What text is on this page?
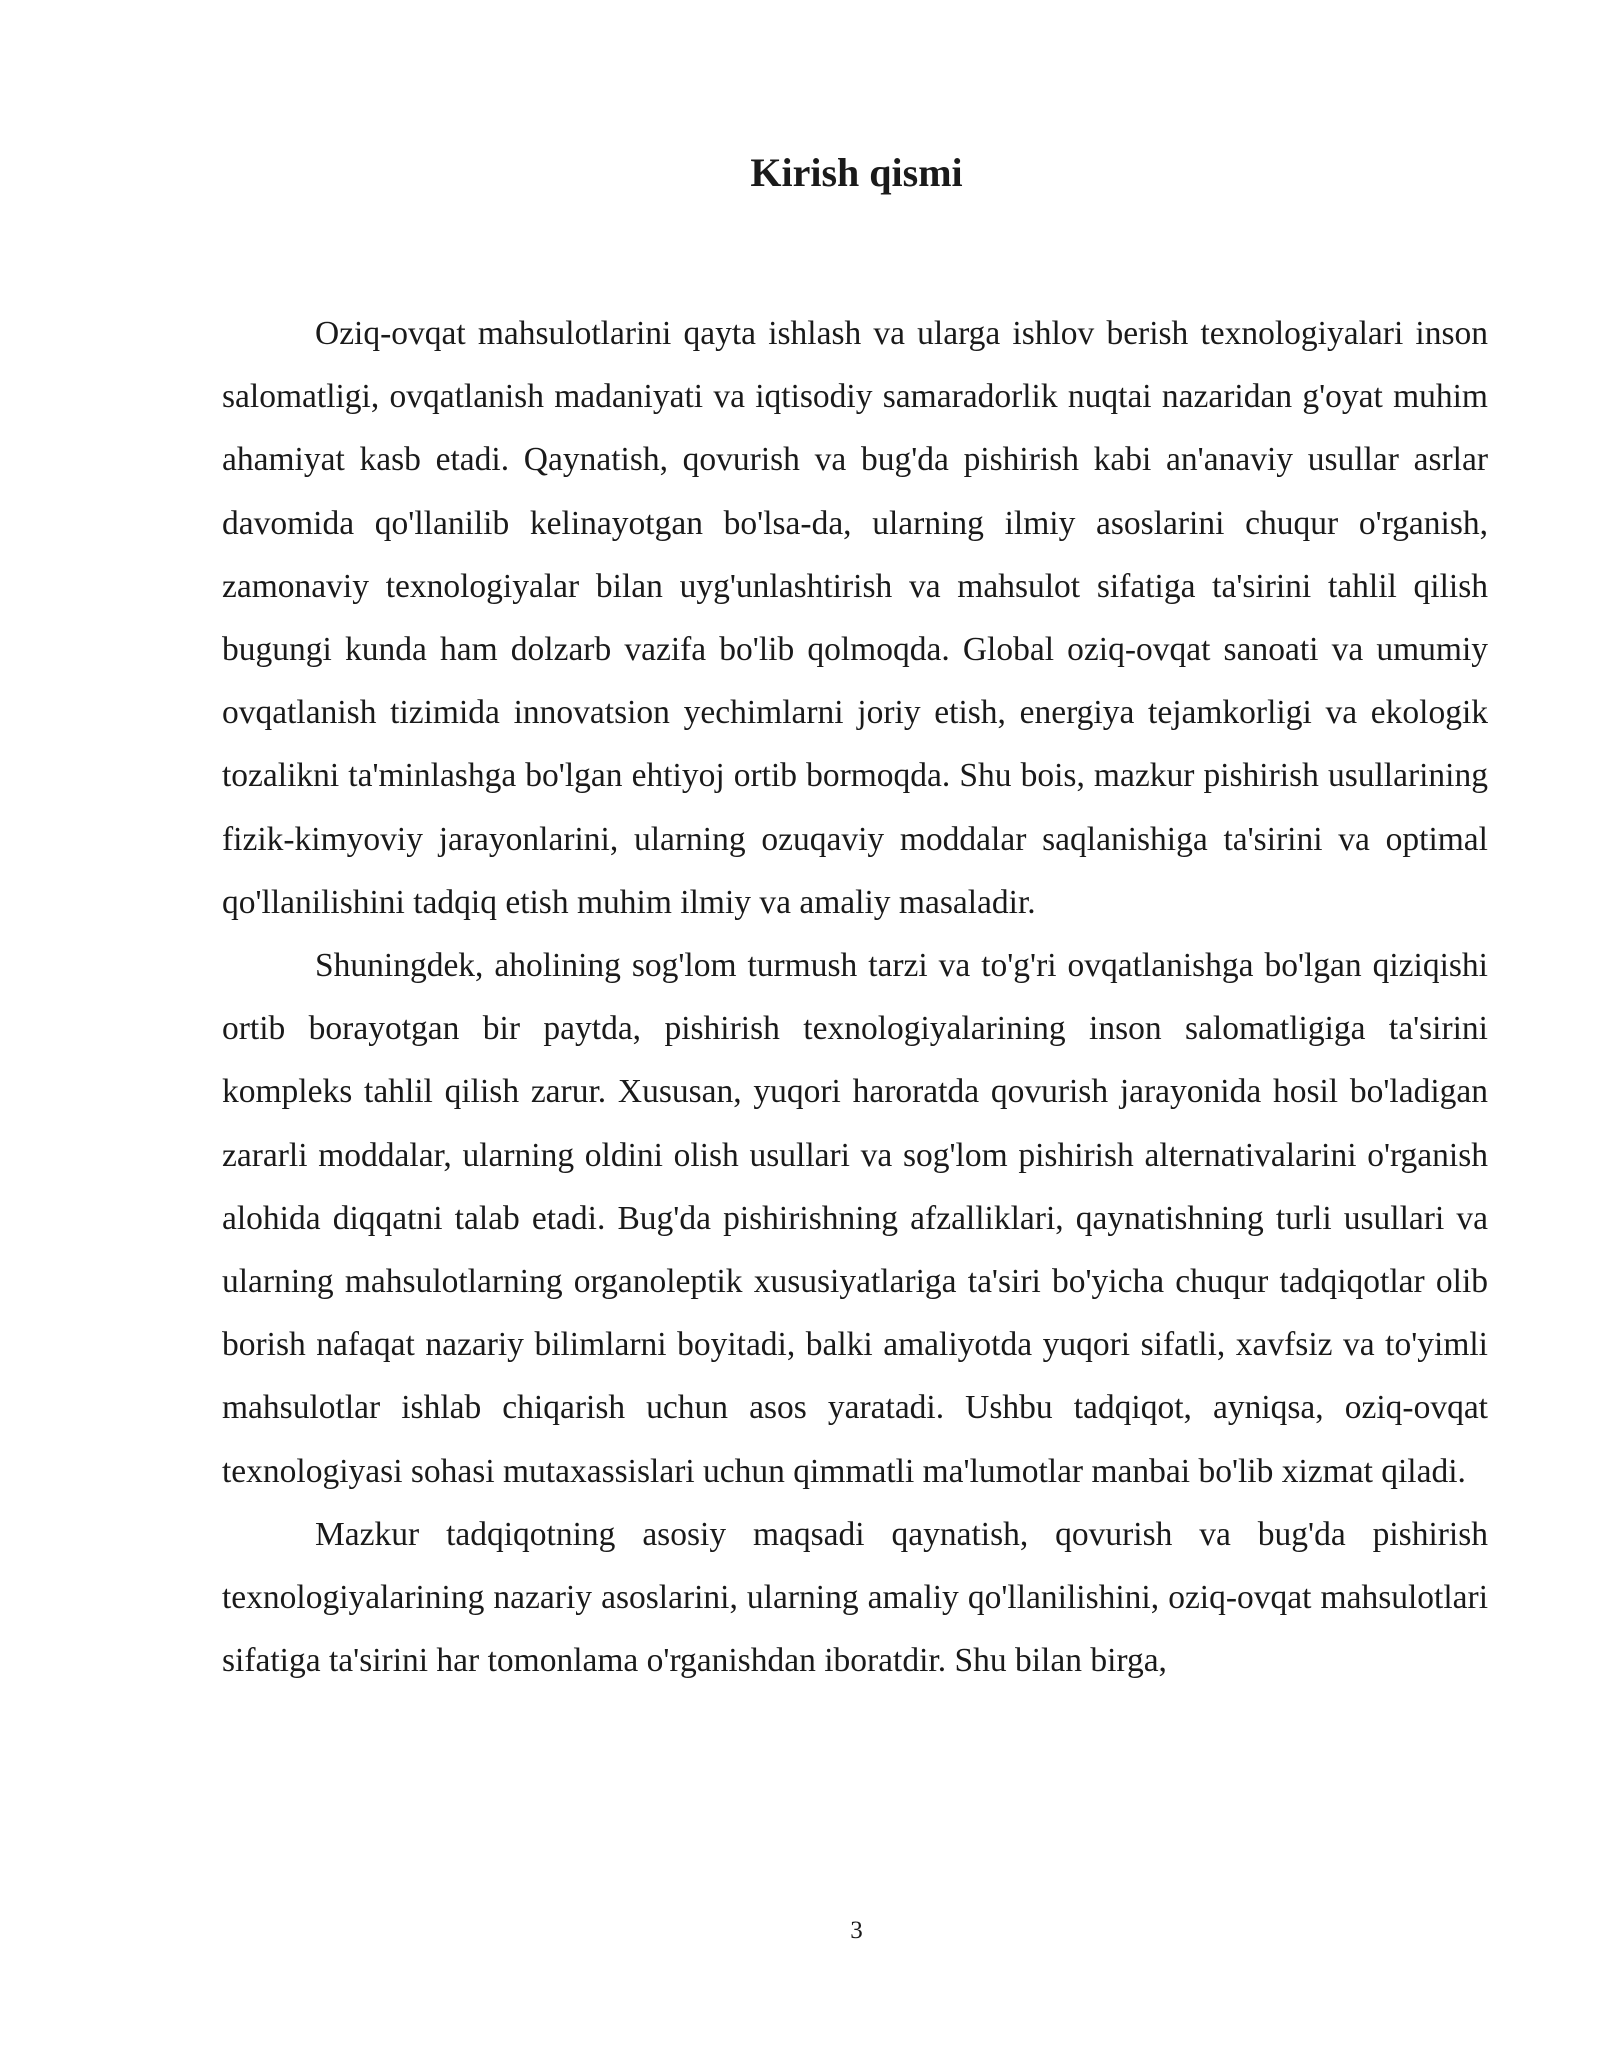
Kirish qismi

Oziq-ovqat mahsulotlarini qayta ishlash va ularga ishlov berish texnologiyalari inson salomatligi, ovqatlanish madaniyati va iqtisodiy samaradorlik nuqtai nazaridan g'oyat muhim ahamiyat kasb etadi. Qaynatish, qovurish va bug'da pishirish kabi an'anaviy usullar asrlar davomida qo'llanilib kelinayotgan bo'lsa-da, ularning ilmiy asoslarini chuqur o'rganish, zamonaviy texnologiyalar bilan uyg'unlashtirish va mahsulot sifatiga ta'sirini tahlil qilish bugungi kunda ham dolzarb vazifa bo'lib qolmoqda. Global oziq-ovqat sanoati va umumiy ovqatlanish tizimida innovatsion yechimlarni joriy etish, energiya tejamkorligi va ekologik tozalikni ta'minlashga bo'lgan ehtiyoj ortib bormoqda. Shu bois, mazkur pishirish usullarining fizik-kimyoviy jarayonlarini, ularning ozuqaviy moddalar saqlanishiga ta'sirini va optimal qo'llanilishini tadqiq etish muhim ilmiy va amaliy masaladir.

Shuningdek, aholining sog'lom turmush tarzi va to'g'ri ovqatlanishga bo'lgan qiziqishi ortib borayotgan bir paytda, pishirish texnologiyalarining inson salomatligiga ta'sirini kompleks tahlil qilish zarur. Xususan, yuqori haroratda qovurish jarayonida hosil bo'ladigan zararli moddalar, ularning oldini olish usullari va sog'lom pishirish alternativalarini o'rganish alohida diqqatni talab etadi. Bug'da pishirishning afzalliklari, qaynatishning turli usullari va ularning mahsulotlarning organoleptik xususiyatlariga ta'siri bo'yicha chuqur tadqiqotlar olib borish nafaqat nazariy bilimlarni boyitadi, balki amaliyotda yuqori sifatli, xavfsiz va to'yimli mahsulotlar ishlab chiqarish uchun asos yaratadi. Ushbu tadqiqot, ayniqsa, oziq-ovqat texnologiyasi sohasi mutaxassislari uchun qimmatli ma'lumotlar manbai bo'lib xizmat qiladi.

Mazkur tadqiqotning asosiy maqsadi qaynatish, qovurish va bug'da pishirish texnologiyalarining nazariy asoslarini, ularning amaliy qo'llanilishini, oziq-ovqat mahsulotlari sifatiga ta'sirini har tomonlama o'rganishdan iboratdir. Shu bilan birga,

3
